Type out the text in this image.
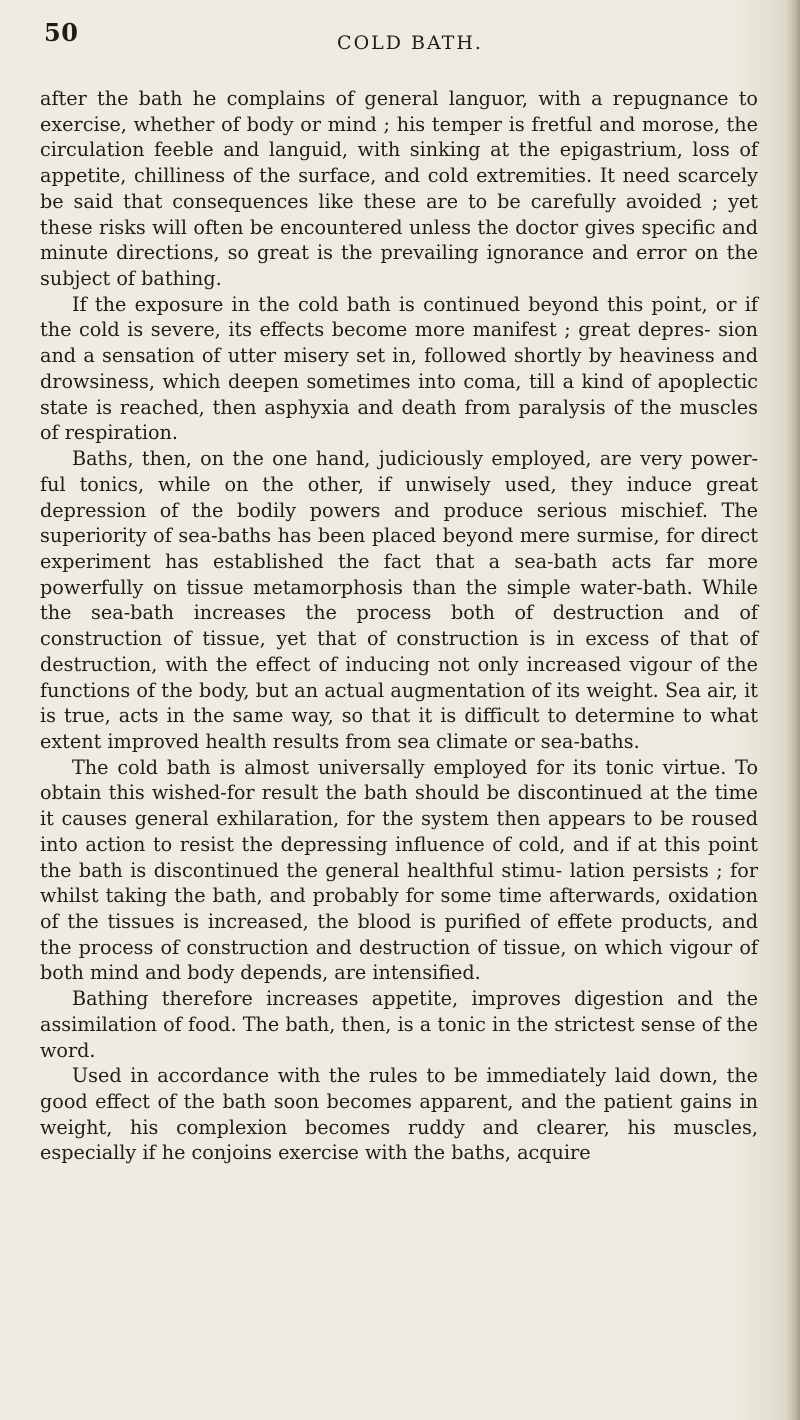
50	COLD BATH.

after the bath he complains of general languor, with a repugnance to exercise, whether of body or mind ; his temper is fretful and morose, the circulation feeble and languid, with sinking at the epigastrium, loss of appetite, chilliness of the surface, and cold extremities. It need scarcely be said that consequences like these are to be carefully avoided ; yet these risks will often be encountered unless the doctor gives specific and minute directions, so great is the prevailing ignorance and error on the subject of bathing.

If the exposure in the cold bath is continued beyond this point, or if the cold is severe, its effects become more manifest ; great depres- sion and a sensation of utter misery set in, followed shortly by heaviness and drowsiness, which deepen sometimes into coma, till a kind of apoplectic state is reached, then asphyxia and death from paralysis of the muscles of respiration.

Baths, then, on the one hand, judiciously employed, are very power- ful tonics, while on the other, if unwisely used, they induce great depression of the bodily powers and produce serious mischief. The superiority of sea-baths has been placed beyond mere surmise, for direct experiment has established the fact that a sea-bath acts far more powerfully on tissue metamorphosis than the simple water-bath. While the sea-bath increases the process both of destruction and of construction of tissue, yet that of construction is in excess of that of destruction, with the effect of inducing not only increased vigour of the functions of the body, but an actual augmentation of its weight. Sea air, it is true, acts in the same way, so that it is difficult to determine to what extent improved health results from sea climate or sea-baths.

The cold bath is almost universally employed for its tonic virtue. To obtain this wished-for result the bath should be discontinued at the time it causes general exhilaration, for the system then appears to be roused into action to resist the depressing influence of cold, and if at this point the bath is discontinued the general healthful stimu- lation persists ; for whilst taking the bath, and probably for some time afterwards, oxidation of the tissues is increased, the blood is purified of effete products, and the process of construction and destruction of tissue, on which vigour of both mind and body depends, are intensified.

Bathing therefore increases appetite, improves digestion and the assimilation of food. The bath, then, is a tonic in the strictest sense of the word.

Used in accordance with the rules to be immediately laid down, the good effect of the bath soon becomes apparent, and the patient gains in weight, his complexion becomes ruddy and clearer, his muscles, especially if he conjoins exercise with the baths, acquire
